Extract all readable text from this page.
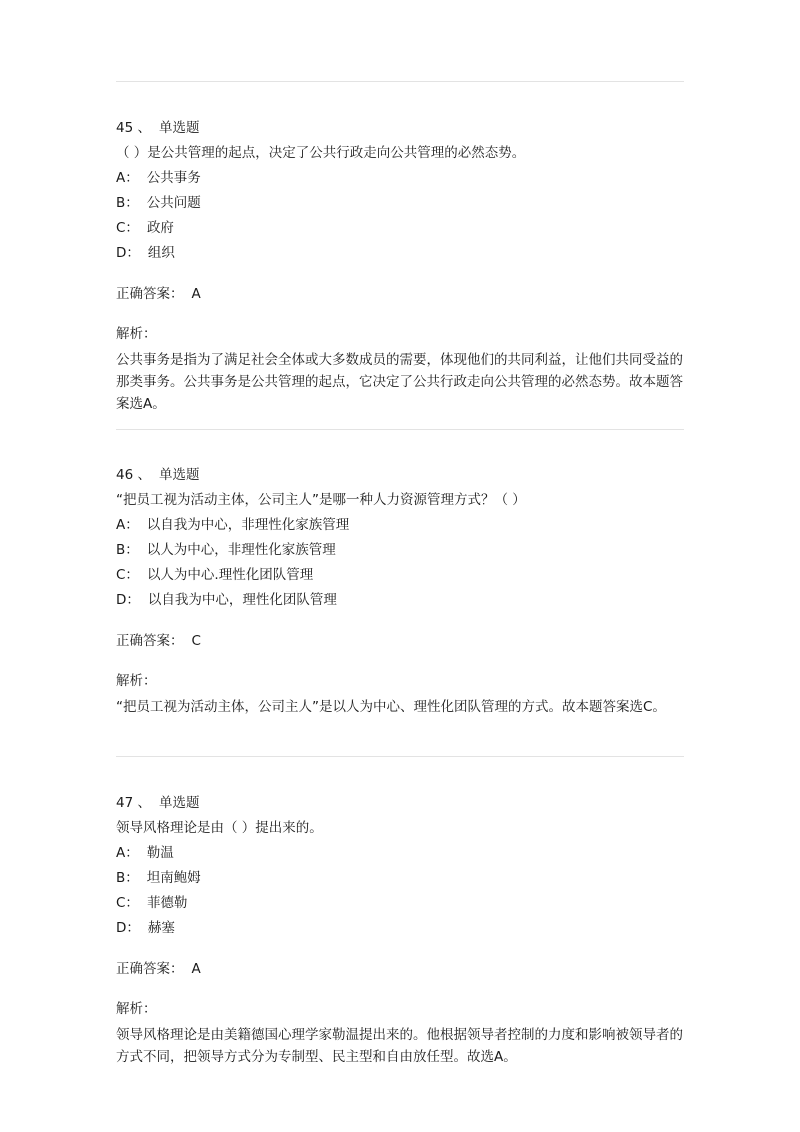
45 、 单选题
（ ）是公共管理的起点，决定了公共行政走向公共管理的必然态势。
A： 公共事务
B： 公共问题
C： 政府
D： 组织
正确答案： A
解析：
公共事务是指为了满足社会全体或大多数成员的需要，体现他们的共同利益，让他们共同受益的那类事务。公共事务是公共管理的起点，它决定了公共行政走向公共管理的必然态势。故本题答案选A。
46 、 单选题
“把员工视为活动主体，公司主人”是哪一种人力资源管理方式？（ ）
A： 以自我为中心，非理性化家族管理
B： 以人为中心，非理性化家族管理
C： 以人为中心.理性化团队管理
D： 以自我为中心，理性化团队管理
正确答案： C
解析：
“把员工视为活动主体，公司主人”是以人为中心、理性化团队管理的方式。故本题答案选C。
47 、 单选题
领导风格理论是由（ ）提出来的。
A： 勒温
B： 坦南鲍姆
C： 菲德勒
D： 赫塞
正确答案： A
解析：
领导风格理论是由美籍德国心理学家勒温提出来的。他根据领导者控制的力度和影响被领导者的方式不同，把领导方式分为专制型、民主型和自由放任型。故选A。
